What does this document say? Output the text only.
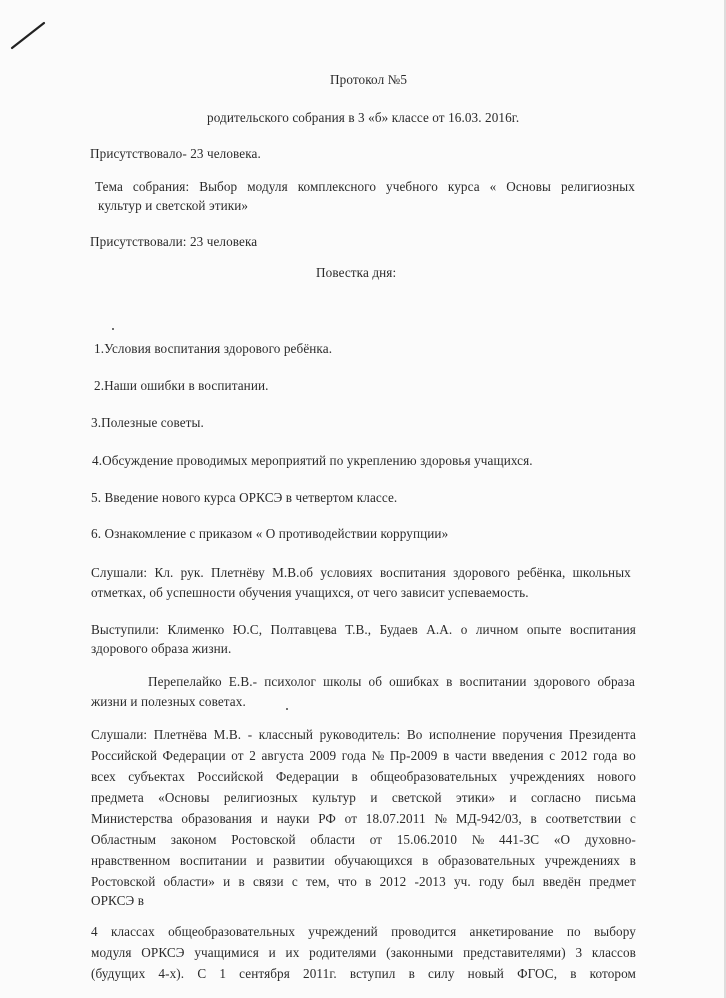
Протокол №5
родительского собрания в 3 «б» классе от 16.03. 2016г.
Присутствовало- 23 человека.
Тема собрания: Выбор модуля комплексного учебного курса « Основы религиозных
культур и светской этики»
Присутствовали: 23 человека
Повестка дня:
1.Условия воспитания здорового ребёнка.
2.Наши ошибки в воспитании.
3.Полезные советы.
4.Обсуждение проводимых мероприятий по укреплению здоровья учащихся.
5. Введение нового курса ОРКСЭ в четвертом классе.
6. Ознакомление с приказом « О противодействии коррупции»
Слушали: Кл. рук. Плетнёву М.В.об условиях воспитания здорового ребёнка, школьных
отметках, об успешности обучения учащихся, от чего зависит успеваемость.
Выступили: Клименко Ю.С, Полтавцева Т.В., Будаев А.А. о личном опыте воспитания
здорового образа жизни.
Перепелайко Е.В.- психолог школы об ошибках в воспитании здорового образа
жизни и полезных советах.
Слушали: Плетнёва М.В. - классный руководитель: Во исполнение поручения Президента
Российской Федерации от 2 августа 2009 года № Пр-2009 в части введения с 2012 года во
всех субъектах Российской Федерации в общеобразовательных учреждениях нового
предмета «Основы религиозных культур и светской этики» и согласно письма
Министерства образования и науки РФ от 18.07.2011 № МД-942/03, в соответствии с
Областным законом Ростовской области от 15.06.2010 № 441-ЗС «О духовно-
нравственном воспитании и развитии обучающихся в образовательных учреждениях в
Ростовской области» и в связи с тем, что в 2012 -2013 уч. году был введён предмет
ОРКСЭ в
4 классах общеобразовательных учреждений проводится анкетирование по выбору
модуля ОРКСЭ учащимися и их родителями (законными представителями) 3 классов
(будущих 4-х). С 1 сентября 2011г. вступил в силу новый ФГОС, в котором
